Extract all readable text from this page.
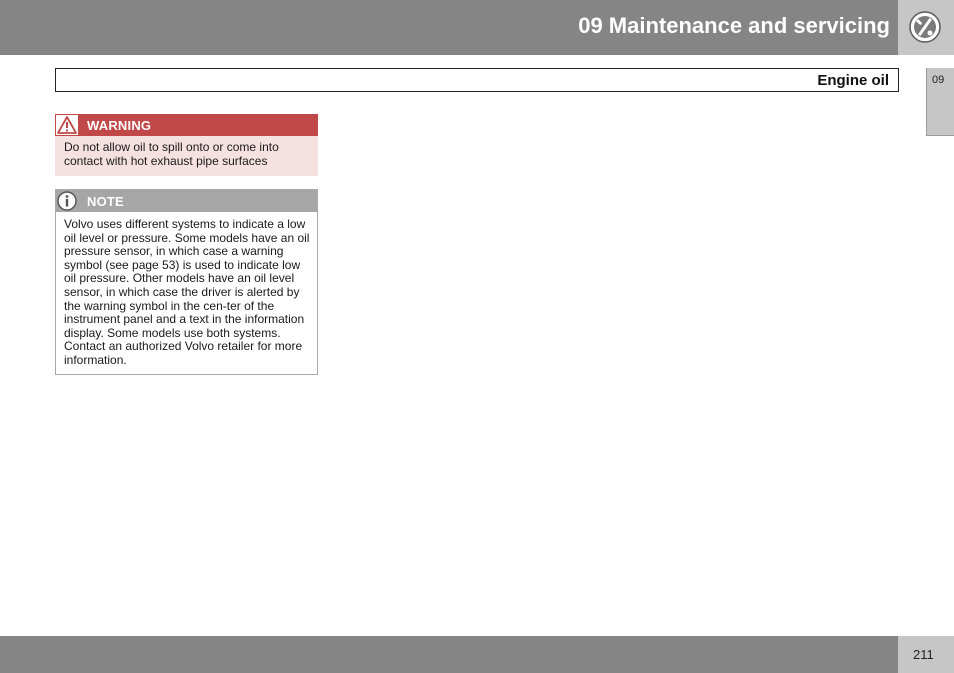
09 Maintenance and servicing
Engine oil	09
WARNING
Do not allow oil to spill onto or come into contact with hot exhaust pipe surfaces
NOTE
Volvo uses different systems to indicate a low oil level or pressure. Some models have an oil pressure sensor, in which case a warning symbol (see page 53) is used to indicate low oil pressure. Other models have an oil level sensor, in which case the driver is alerted by the warning symbol in the cen-ter of the instrument panel and a text in the information display. Some models use both systems. Contact an authorized Volvo retailer for more information.
211
